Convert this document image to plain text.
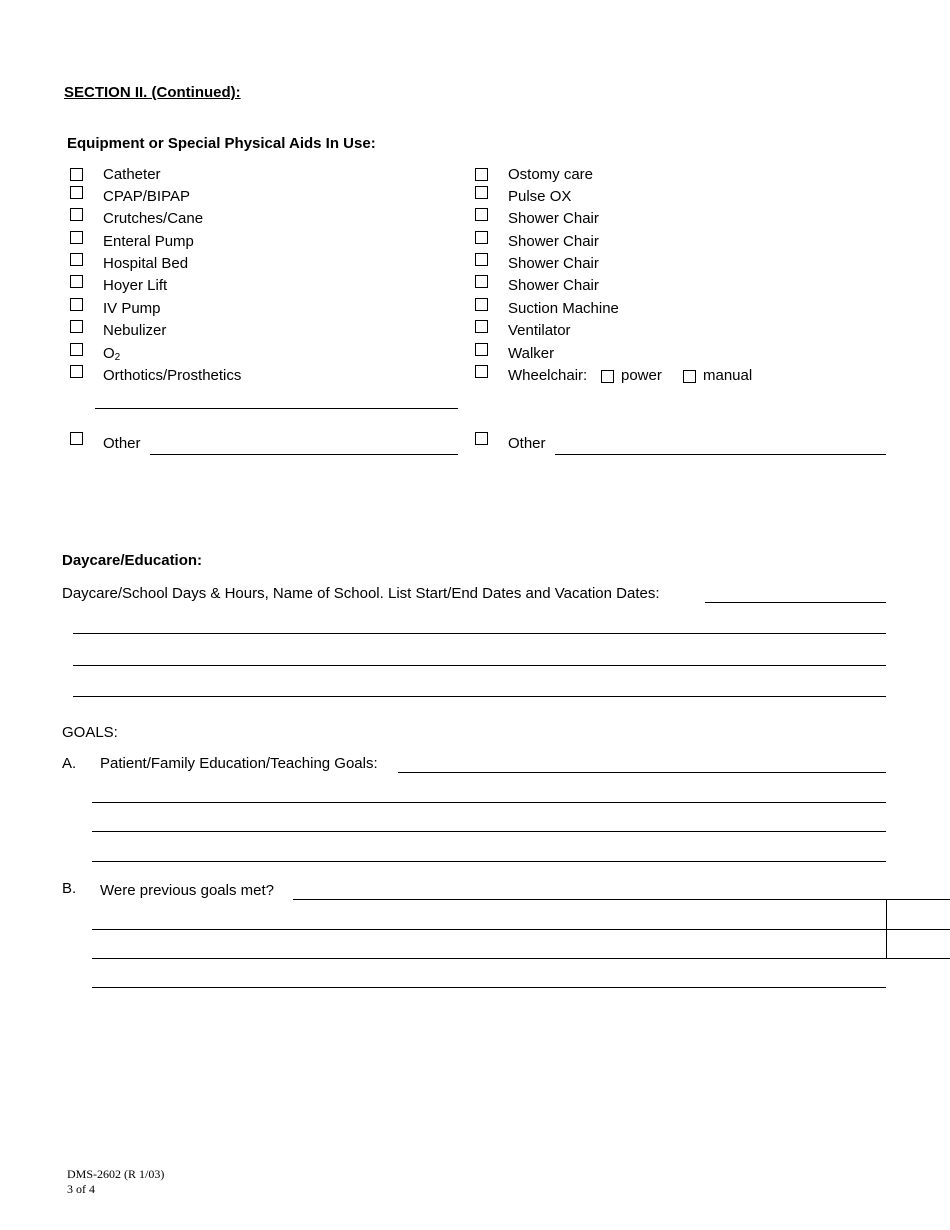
SECTION II. (Continued):
Equipment or Special Physical Aids In Use:
Catheter
CPAP/BIPAP
Crutches/Cane
Enteral Pump
Hospital Bed
Hoyer Lift
IV Pump
Nebulizer
$O_2$
Orthotics/Prosthetics
Ostomy care
Pulse OX
Shower Chair
Shower Chair
Shower Chair
Shower Chair
Suction Machine
Ventilator
Walker
Wheelchair: power	manual
Other	Other
Daycare/Education:
Daycare/School Days & Hours, Name of School. List Start/End Dates and Vacation Dates:
GOALS:
A. Patient/Family Education/Teaching Goals:
B. Were previous goals met?
DMS-2602 (R 1/03)
3 of 4
